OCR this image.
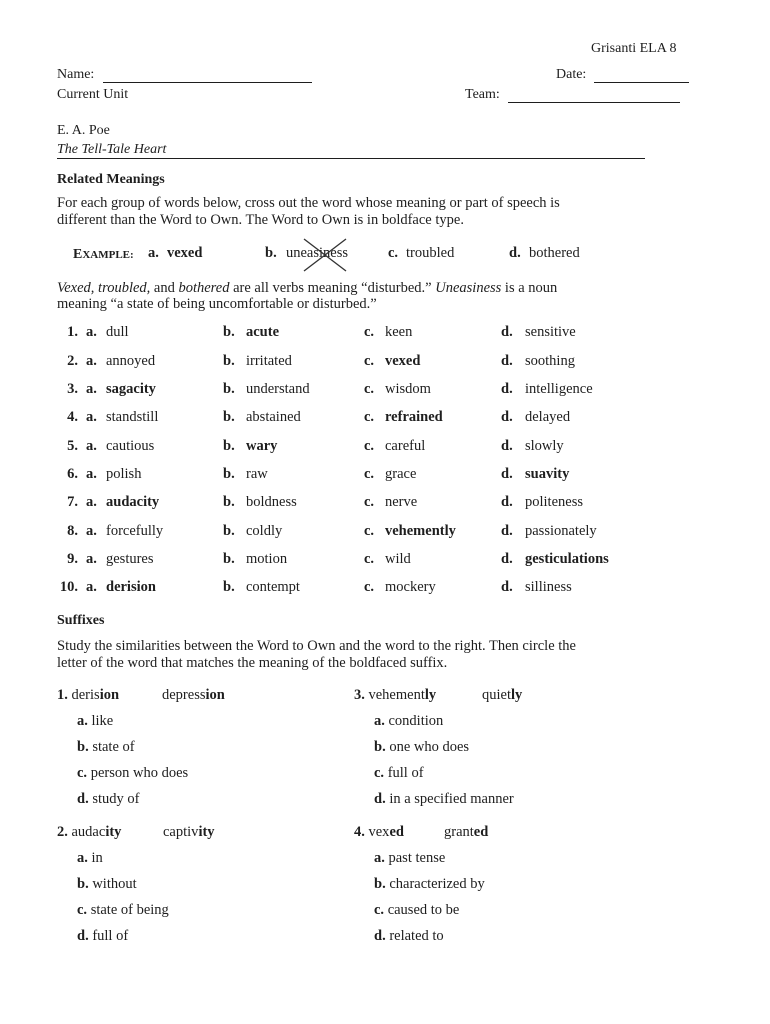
Grisanti ELA 8
Name:	Date:
Current Unit	Team:
E. A. Poe
The Tell-Tale Heart
Related Meanings
For each group of words below, cross out the word whose meaning or part of speech is
different than the Word to Own. The Word to Own is in boldface type.
EXAMPLE: a. vexed	b. uneasiness	c. troubled	d. bothered
Vexed, troubled, and bothered are all verbs meaning “disturbed.” Uneasiness is a noun
meaning “a state of being uncomfortable or disturbed.”
1. a. dull	b. acute	c. keen	d. sensitive
2. a. annoyed	b. irritated	c. vexed	d. soothing
3. a. sagacity	b. understand	c. wisdom	d. intelligence
4. a. standstill	b. abstained	c. refrained	d. delayed
5. a. cautious	b. wary	c. careful	d. slowly
6. a. polish	b. raw	c. grace	d. suavity
7. a. audacity	b. boldness	c. nerve	d. politeness
8. a. forcefully	b. coldly	c. vehemently	d. passionately
9. a. gestures	b. motion	c. wild	d. gesticulations
10. a. derision	b. contempt	c. mockery	d. silliness
Suffixes
Study the similarities between the Word to Own and the word to the right. Then circle the
letter of the word that matches the meaning of the boldfaced suffix.
1. derision	depression
a. like
b. state of
c. person who does
d. study of
3. vehemently	quietly
a. condition
b. one who does
c. full of
d. in a specified manner
2. audacity	captivity
a. in
b. without
c. state of being
d. full of
4. vexed	granted
a. past tense
b. characterized by
c. caused to be
d. related to
